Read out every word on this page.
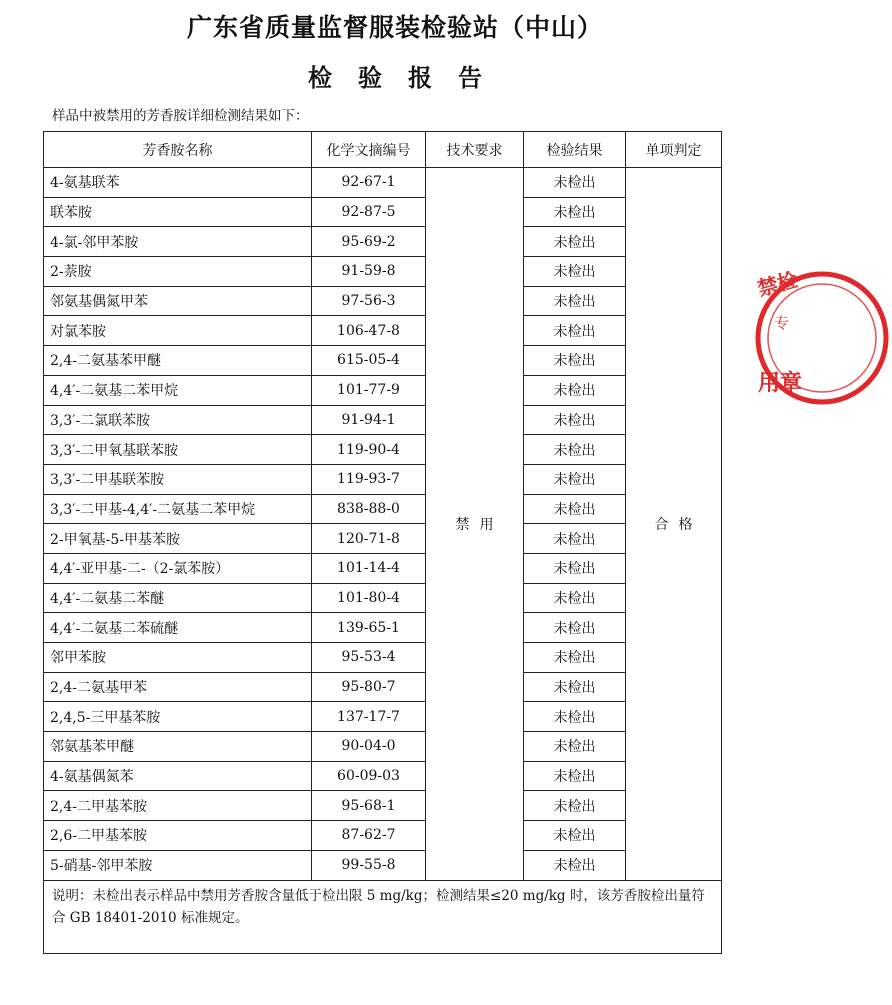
广东省质量监督服装检验站（中山）
检验报告
样品中被禁用的芳香胺详细检测结果如下：
芳香胺名称	化学文摘编号	技术要求	检验结果	单项判定
4-氨基联苯	92-67-1	禁用	未检出	合格
联苯胺	92-87-5		未检出	
4-氯-邻甲苯胺	95-69-2		未检出	
2-萘胺	91-59-8		未检出	
邻氨基偶氮甲苯	97-56-3		未检出	
对氯苯胺	106-47-8		未检出	
2,4-二氨基苯甲醚	615-05-4		未检出	
4,4′-二氨基二苯甲烷	101-77-9		未检出	
3,3′-二氯联苯胺	91-94-1		未检出	
3,3′-二甲氧基联苯胺	119-90-4		未检出	
3,3′-二甲基联苯胺	119-93-7		未检出	
3,3′-二甲基-4,4′-二氨基二苯甲烷	838-88-0		未检出	
2-甲氧基-5-甲基苯胺	120-71-8		未检出	
4,4′-亚甲基-二-（2-氯苯胺）	101-14-4		未检出	
4,4′-二氨基二苯醚	101-80-4		未检出	
4,4′-二氨基二苯硫醚	139-65-1		未检出	
邻甲苯胺	95-53-4		未检出	
2,4-二氨基甲苯	95-80-7		未检出	
2,4,5-三甲基苯胺	137-17-7		未检出	
邻氨基苯甲醚	90-04-0		未检出	
4-氨基偶氮苯	60-09-03		未检出	
2,4-二甲基苯胺	95-68-1		未检出	
2,6-二甲基苯胺	87-62-7		未检出	
5-硝基-邻甲苯胺	99-55-8		未检出	
说明：未检出表示样品中禁用芳香胺含量低于检出限 5 mg/kg；检测结果≤20 mg/kg 时，该芳香胺检出量符合 GB 18401-2010 标准规定。				
禁检
专
用章
